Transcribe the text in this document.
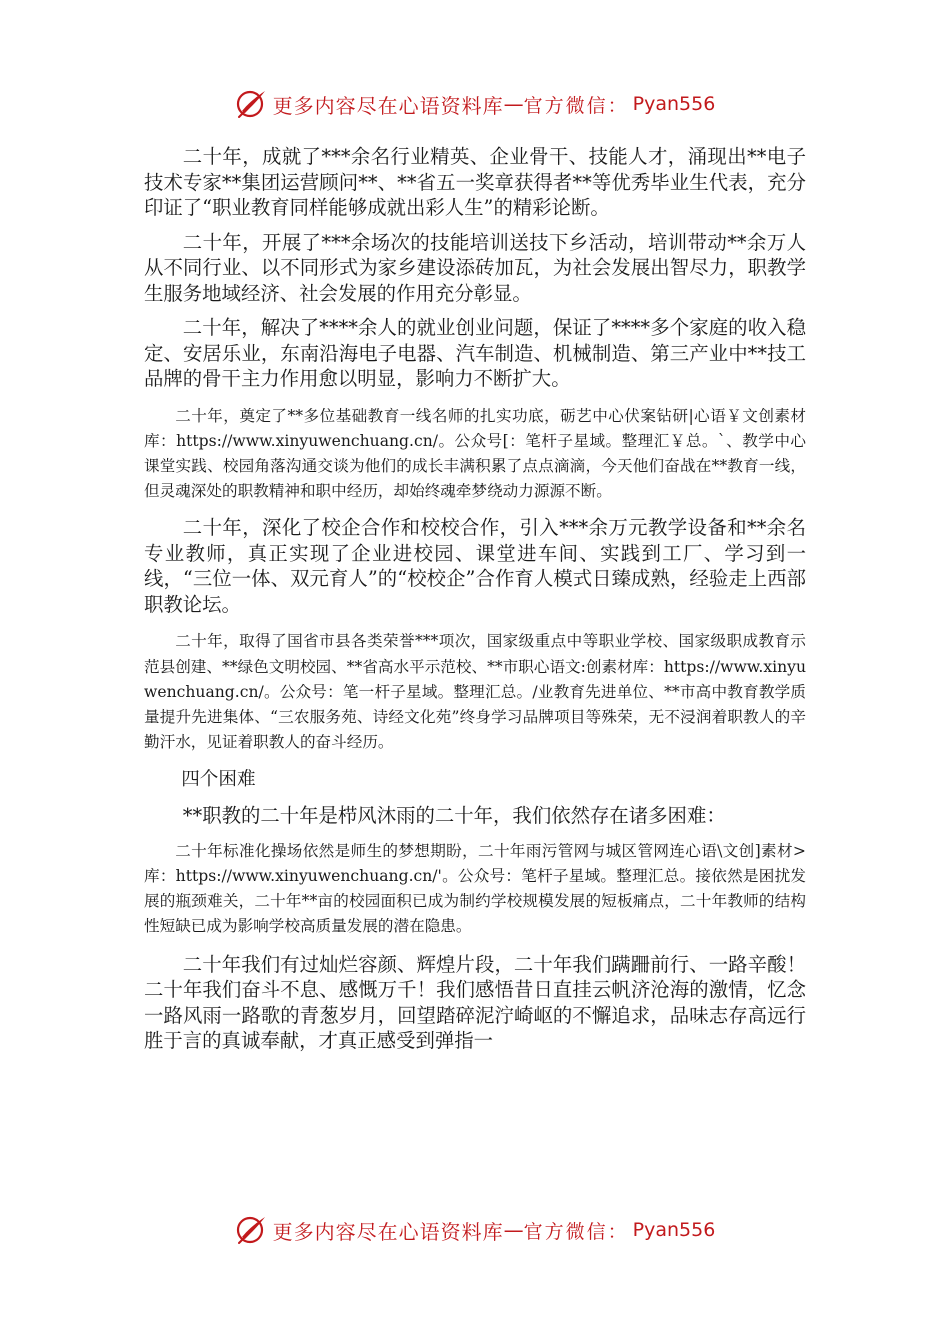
更多内容尽在心语资料库 — 官方微信： Pyan556

二十年，成就了***余名行业精英、企业骨干、技能人才，涌现出**电子技术专家**集团运营顾问**、**省五一奖章获得者**等优秀毕业生代表，充分印证了“职业教育同样能够成就出彩人生”的精彩论断。

二十年，开展了***余场次的技能培训送技下乡活动，培训带动**余万人从不同行业、以不同形式为家乡建设添砖加瓦，为社会发展出智尽力，职教学生服务地域经济、社会发展的作用充分彰显。

二十年，解决了****余人的就业创业问题，保证了****多个家庭的收入稳定、安居乐业，东南沿海电子电器、汽车制造、机械制造、第三产业中**技工品牌的骨干主力作用愈以明显，影响力不断扩大。

二十年，奠定了**多位基础教育一线名师的扎实功底，砺艺中心伏案钻研|心语￥文创素材库：https://www.xinyuwenchuang.cn/。公众号[：笔杆子星域。整理汇￥总。`、教学中心课堂实践、校园角落沟通交谈为他们的成长丰满积累了点点滴滴，今天他们奋战在**教育一线，但灵魂深处的职教精神和职中经历，却始终魂牵梦绕动力源源不断。

二十年，深化了校企合作和校校合作，引入***余万元教学设备和**余名专业教师，真正实现了企业进校园、课堂进车间、实践到工厂、学习到一线，“三位一体、双元育人”的“校校企”合作育人模式日臻成熟，经验走上西部职教论坛。

二十年，取得了国省市县各类荣誉***项次，国家级重点中等职业学校、国家级职成教育示范县创建、**绿色文明校园、**省高水平示范校、**市职心语文:创素材库：https://www.xinyuwenchuang.cn/。公众号：笔一杆子星域。整理汇总。/业教育先进单位、**市高中教育教学质量提升先进集体、“三农服务苑、诗经文化苑”终身学习品牌项目等殊荣，无不浸润着职教人的辛勤汗水，见证着职教人的奋斗经历。

四个困难

**职教的二十年是栉风沐雨的二十年，我们依然存在诸多困难：

二十年标准化操场依然是师生的梦想期盼，二十年雨污管网与城区管网连心语\文创]素材>库：https://www.xinyuwenchuang.cn/'。公众号：笔杆子星域。整理汇总。接依然是困扰发展的瓶颈难关，二十年**亩的校园面积已成为制约学校规模发展的短板痛点，二十年教师的结构性短缺已成为影响学校高质量发展的潜在隐患。

二十年我们有过灿烂容颜、辉煌片段，二十年我们蹒跚前行、一路辛酸！二十年我们奋斗不息、感慨万千！我们感悟昔日直挂云帆济沧海的激情，忆念一路风雨一路歌的青葱岁月，回望踏碎泥泞崎岖的不懈追求，品味志存高远行胜于言的真诚奉献，才真正感受到弹指一

更多内容尽在心语资料库 — 官方微信： Pyan556
